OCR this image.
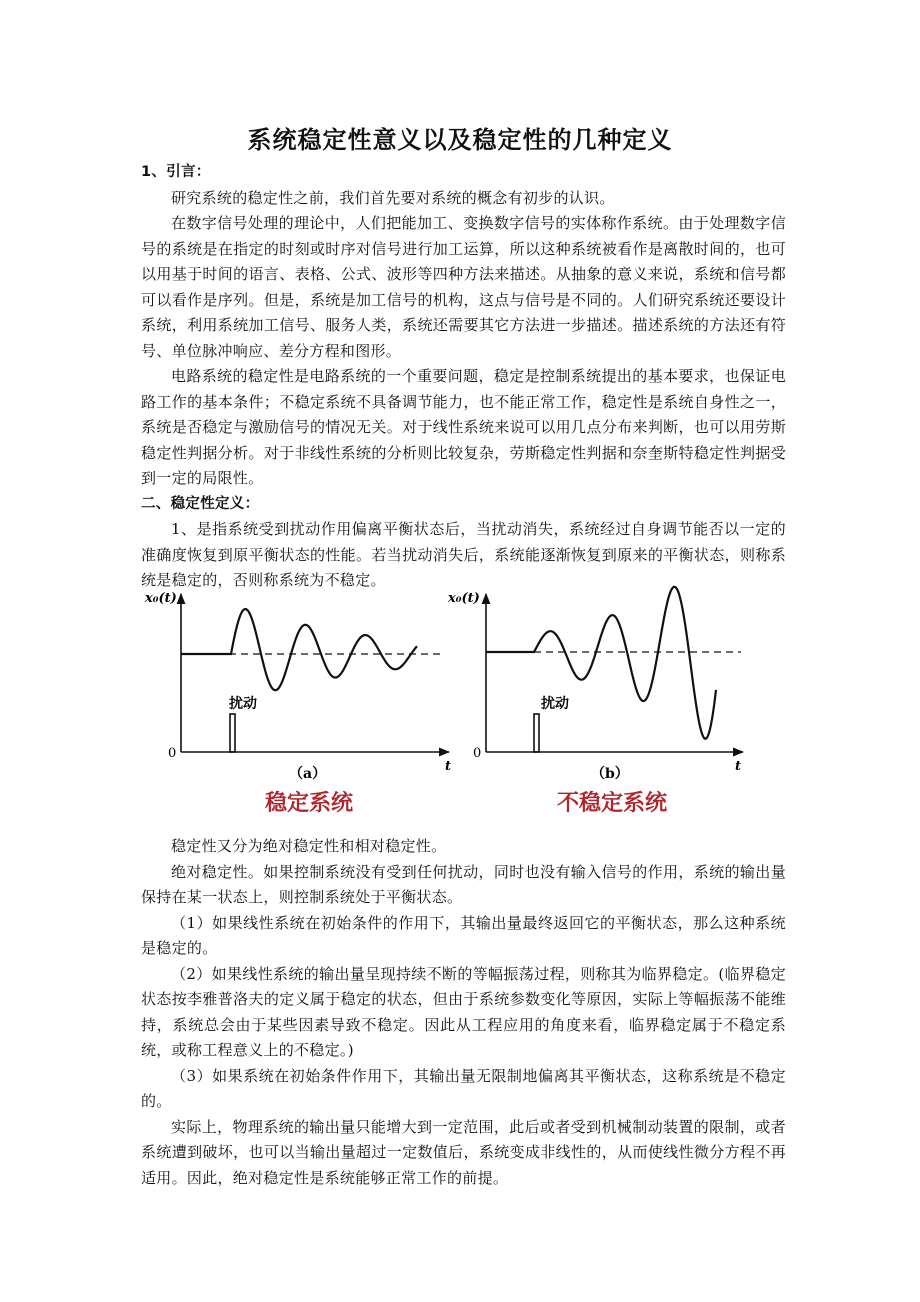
系统稳定性意义以及稳定性的几种定义

1、引言：

研究系统的稳定性之前，我们首先要对系统的概念有初步的认识。

在数字信号处理的理论中，人们把能加工、变换数字信号的实体称作系统。由于处理数字信号的系统是在指定的时刻或时序对信号进行加工运算，所以这种系统被看作是离散时间的，也可以用基于时间的语言、表格、公式、波形等四种方法来描述。从抽象的意义来说，系统和信号都可以看作是序列。但是，系统是加工信号的机构，这点与信号是不同的。人们研究系统还要设计系统，利用系统加工信号、服务人类，系统还需要其它方法进一步描述。描述系统的方法还有符号、单位脉冲响应、差分方程和图形。

电路系统的稳定性是电路系统的一个重要问题，稳定是控制系统提出的基本要求，也保证电路工作的基本条件；不稳定系统不具备调节能力，也不能正常工作，稳定性是系统自身性之一，系统是否稳定与激励信号的情况无关。对于线性系统来说可以用几点分布来判断，也可以用劳斯稳定性判据分析。对于非线性系统的分析则比较复杂，劳斯稳定性判据和奈奎斯特稳定性判据受到一定的局限性。

二、稳定性定义：

1、是指系统受到扰动作用偏离平衡状态后，当扰动消失，系统经过自身调节能否以一定的准确度恢复到原平衡状态的性能。若当扰动消失后，系统能逐渐恢复到原来的平衡状态，则称系统是稳定的，否则称系统为不稳定。

x₀(t)
t
0
扰动
（a）
稳定系统
x₀(t)
t
0
扰动
（b）
不稳定系统

稳定性又分为绝对稳定性和相对稳定性。

绝对稳定性。如果控制系统没有受到任何扰动，同时也没有输入信号的作用，系统的输出量保持在某一状态上，则控制系统处于平衡状态。

（1）如果线性系统在初始条件的作用下，其输出量最终返回它的平衡状态，那么这种系统是稳定的。

（2）如果线性系统的输出量呈现持续不断的等幅振荡过程，则称其为临界稳定。(临界稳定状态按李雅普洛夫的定义属于稳定的状态，但由于系统参数变化等原因，实际上等幅振荡不能维持，系统总会由于某些因素导致不稳定。因此从工程应用的角度来看，临界稳定属于不稳定系统，或称工程意义上的不稳定。)

（3）如果系统在初始条件作用下，其输出量无限制地偏离其平衡状态，这称系统是不稳定的。

实际上，物理系统的输出量只能增大到一定范围，此后或者受到机械制动装置的限制，或者系统遭到破坏，也可以当输出量超过一定数值后，系统变成非线性的，从而使线性微分方程不再适用。因此，绝对稳定性是系统能够正常工作的前提。
